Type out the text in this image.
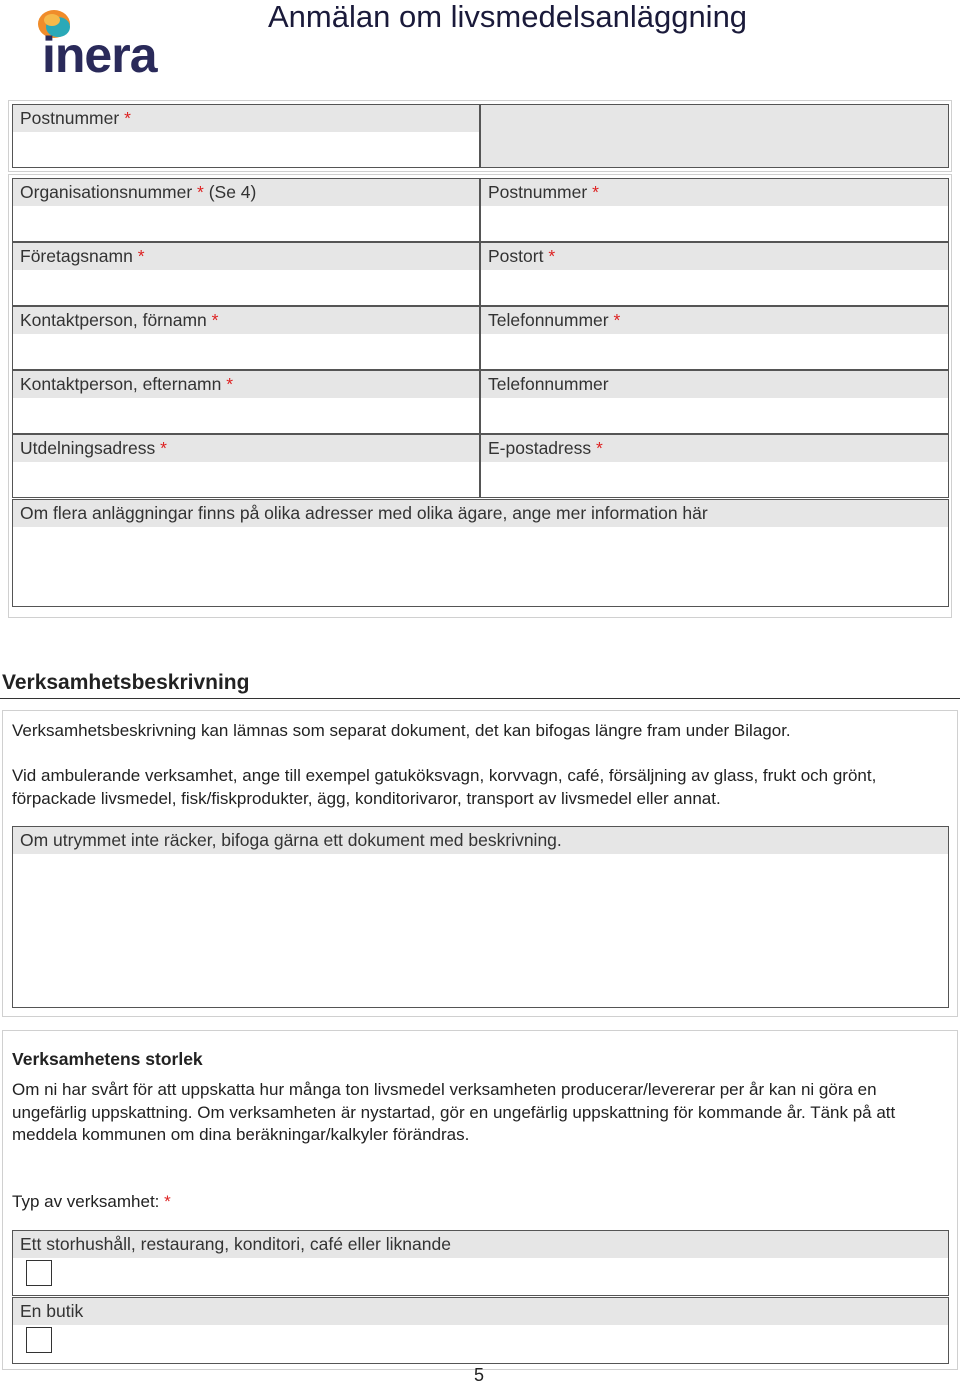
inera
Anmälan om livsmedelsanläggning
Postnummer *
Organisationsnummer * (Se 4)
Företagsnamn *
Kontaktperson, förnamn *
Kontaktperson, efternamn *
Utdelningsadress *
Postnummer *
Postort *
Telefonnummer *
Telefonnummer
E-postadress *
Om flera anläggningar finns på olika adresser med olika ägare, ange mer information här
Verksamhetsbeskrivning
Verksamhetsbeskrivning kan lämnas som separat dokument, det kan bifogas längre fram under Bilagor.
Vid ambulerande verksamhet, ange till exempel gatuköksvagn, korvvagn, café, försäljning av glass, frukt och grönt, förpackade livsmedel, fisk/fiskprodukter, ägg, konditorivaror, transport av livsmedel eller annat.
Om utrymmet inte räcker, bifoga gärna ett dokument med beskrivning.
Verksamhetens storlek
Om ni har svårt för att uppskatta hur många ton livsmedel verksamheten producerar/levererar per år kan ni göra en ungefärlig uppskattning. Om verksamheten är nystartad, gör en ungefärlig uppskattning för kommande år. Tänk på att meddela kommunen om dina beräkningar/kalkyler förändras.
Typ av verksamhet: *
Ett storhushåll, restaurang, konditori, café eller liknande
En butik
5
